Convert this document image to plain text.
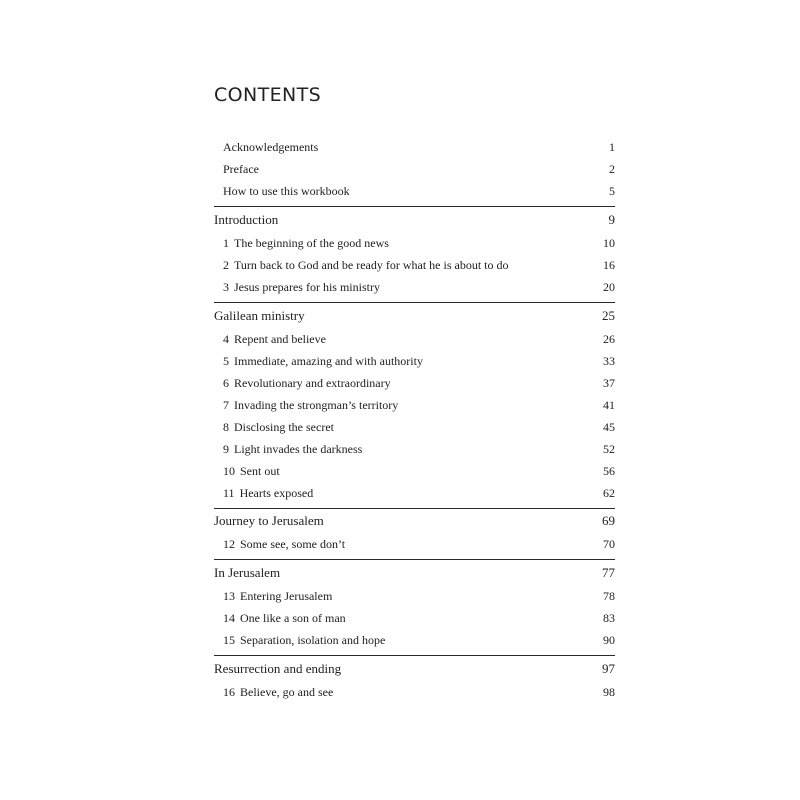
CONTENTS
Acknowledgements	1
Preface	2
How to use this workbook	5
Introduction	9
1 The beginning of the good news	10
2 Turn back to God and be ready for what he is about to do	16
3 Jesus prepares for his ministry	20
Galilean ministry	25
4 Repent and believe	26
5 Immediate, amazing and with authority	33
6 Revolutionary and extraordinary	37
7 Invading the strongman’s territory	41
8 Disclosing the secret	45
9 Light invades the darkness	52
10 Sent out	56
11 Hearts exposed	62
Journey to Jerusalem	69
12 Some see, some don’t	70
In Jerusalem	77
13 Entering Jerusalem	78
14 One like a son of man	83
15 Separation, isolation and hope	90
Resurrection and ending	97
16 Believe, go and see	98
